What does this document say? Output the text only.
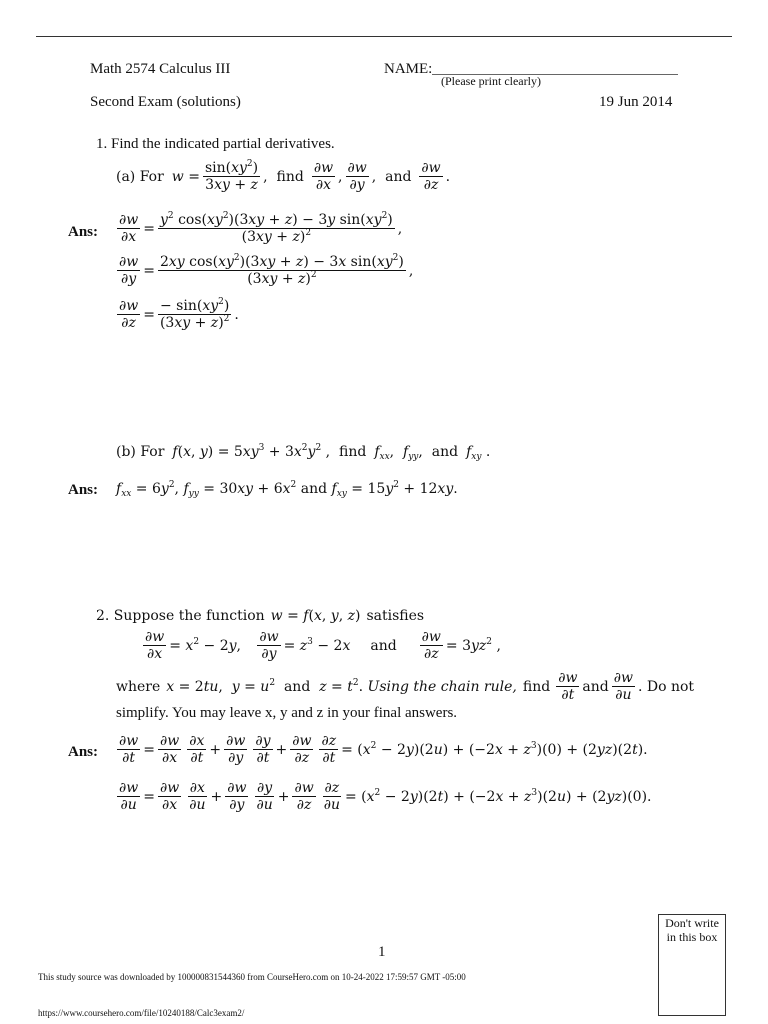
Math 2574 Calculus III	NAME:
(Please print clearly)
Second Exam (solutions)	19 Jun 2014
1. Find the indicated partial derivatives.
(a) For $w = \frac{\sin(xy^2)}{3xy + z}$ , find $\frac{\partial w}{\partial x}$ , $\frac{\partial w}{\partial y}$ , and $\frac{\partial w}{\partial z}$ .
Ans: $\frac{\partial w}{\partial x} = \frac{y^2 \cos(xy^2)(3xy + z) - 3y \sin(xy^2)}{(3xy + z)^2}$ ,
$\frac{\partial w}{\partial y} = \frac{2xy \cos(xy^2)(3xy + z) - 3x \sin(xy^2)}{(3xy + z)^2}$ ,
$\frac{\partial w}{\partial z} = \frac{- \sin(xy^2)}{(3xy + z)^2}$ .
(b) For f(x, $y) = 5xy^3 + 3x^2y^2$ , find $f_{xx}$,  $f_{yy}$, and $f_{xy}$ .
Ans: $f_{xx} = 6y^2$, $f_{yy} = 30xy + 6x^2$ and $f_{xy} = 15y^2 + 12xy$.
2. Suppose the function w = f(x, y, z) satisfies
$\frac{\partial w}{\partial x} = x^2 - 2y$, $\frac{\partial w}{\partial y} = z^3 - 2x$ and $\frac{\partial w}{\partial z} = 3yz^2$ ,
where x = 2tu,  $y = u^2$  and  $z = t^2$. Using the chain rule, find $\frac{\partial w}{\partial t}$ and $\frac{\partial w}{\partial u}$ . Do not
simplify. You may leave x, y and z in your final answers.
Ans: $\frac{\partial w}{\partial t} = \frac{\partial w}{\partial x} \frac{\partial x}{\partial t} + \frac{\partial w}{\partial y} \frac{\partial y}{\partial t} + \frac{\partial w}{\partial z} \frac{\partial z}{\partial t} = (x^2 - 2y)(2u) + (-2x + z^3)(0) + (2yz)(2t)$.
$\frac{\partial w}{\partial u} = \frac{\partial w}{\partial x} \frac{\partial x}{\partial u} + \frac{\partial w}{\partial y} \frac{\partial y}{\partial u} + \frac{\partial w}{\partial z} \frac{\partial z}{\partial u} = (x^2 - 2y)(2t) + (-2x + z^3)(2u) + (2yz)(0)$.
Don't write
in this box
1
This study source was downloaded by 100000831544360 from CourseHero.com on 10-24-2022 17:59:57 GMT -05:00
https://www.coursehero.com/file/10240188/Calc3exam2/
